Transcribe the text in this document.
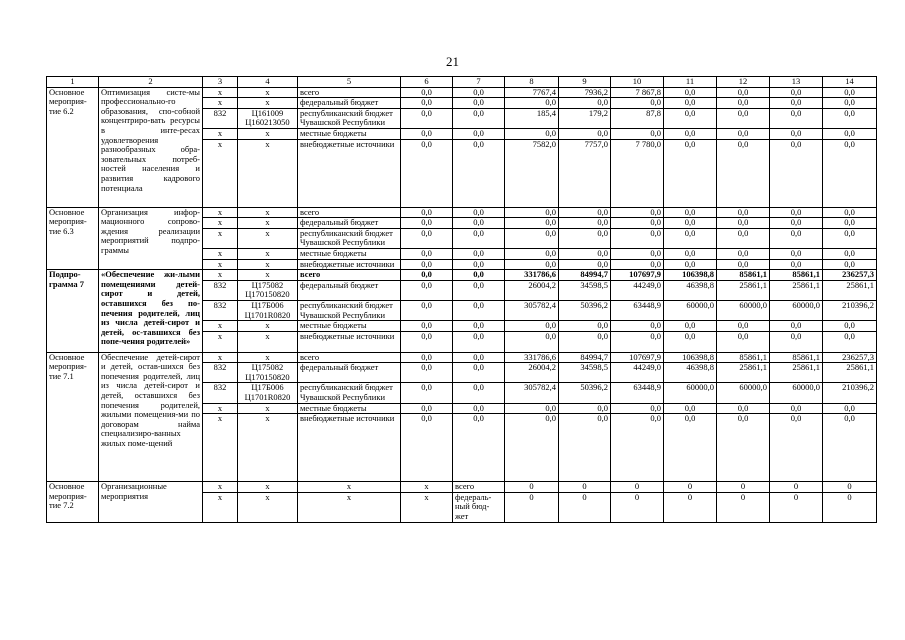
21
1	2	3	4	5	6	7	8	9	10	11	12	13	14
Основное мероприя-тие 6.2	Оптимизация систе-мы профессионально-го образования, спо-собной концентриро-вать ресурсы в инте-ресах удовлетворения разнообразных обра-зовательных потреб-ностей населения и развития кадрового потенциала	x	x	всего	0,0	0,0	7767,4	7936,2	7 867,8	0,0	0,0	0,0	0,0
		x	x	федеральный бюджет	0,0	0,0	0,0	0,0	0,0	0,0	0,0	0,0	0,0
		832	Ц161009 Ц160213050	республиканский бюджет Чувашской Республики	0,0	0,0	185,4	179,2	87,8	0,0	0,0	0,0	0,0
		x	x	местные бюджеты	0,0	0,0	0,0	0,0	0,0	0,0	0,0	0,0	0,0
		x	x	внебюджетные источники	0,0	0,0	7582,0	7757,0	7 780,0	0,0	0,0	0,0	0,0
Основное мероприя-тие 6.3	Организация инфор-мационного сопрово-ждения реализации мероприятий подпро-граммы	x	x	всего	0,0	0,0	0,0	0,0	0,0	0,0	0,0	0,0	0,0
		x	x	федеральный бюджет	0,0	0,0	0,0	0,0	0,0	0,0	0,0	0,0	0,0
		x	x	республиканский бюджет Чувашской Республики	0,0	0,0	0,0	0,0	0,0	0,0	0,0	0,0	0,0
		x	x	местные бюджеты	0,0	0,0	0,0	0,0	0,0	0,0	0,0	0,0	0,0
		x	x	внебюджетные источники	0,0	0,0	0,0	0,0	0,0	0,0	0,0	0,0	0,0
Подпро-грамма 7	«Обеспечение жи-лыми помещениями детей-сирот и детей, оставшихся без по-печения родителей, лиц из числа детей-сирот и детей, ос-тавшихся без попе-чения родителей»	x	x	всего	0,0	0,0	331786,6	84994,7	107697,9	106398,8	85861,1	85861,1	236257,3
		832	Ц175082 Ц170150820	федеральный бюджет	0,0	0,0	26004,2	34598,5	44249,0	46398,8	25861,1	25861,1	25861,1
		832	Ц17Б006 Ц1701R0820	республиканский бюджет Чувашской Республики	0,0	0,0	305782,4	50396,2	63448,9	60000,0	60000,0	60000,0	210396,2
		x	x	местные бюджеты	0,0	0,0	0,0	0,0	0,0	0,0	0,0	0,0	0,0
		x	x	внебюджетные источники	0,0	0,0	0,0	0,0	0,0	0,0	0,0	0,0	0,0
Основное мероприя-тие 7.1	Обеспечение детей-сирот и детей, остав-шихся без попечения родителей, лиц из числа детей-сирот и детей, оставшихся без попечения родителей, жилыми помещения-ми по договорам найма специализиро-ванных жилых поме-щений	x	x	всего	0,0	0,0	331786,6	84994,7	107697,9	106398,8	85861,1	85861,1	236257,3
		832	Ц175082 Ц170150820	федеральный бюджет	0,0	0,0	26004,2	34598,5	44249,0	46398,8	25861,1	25861,1	25861,1
		832	Ц17Б006 Ц1701R0820	республиканский бюджет Чувашской Республики	0,0	0,0	305782,4	50396,2	63448,9	60000,0	60000,0	60000,0	210396,2
		x	x	местные бюджеты	0,0	0,0	0,0	0,0	0,0	0,0	0,0	0,0	0,0
		x	x	внебюджетные источники	0,0	0,0	0,0	0,0	0,0	0,0	0,0	0,0	0,0
Основное мероприя-тие 7.2	Организационные мероприятия	x	x	x	x	всего	0	0	0	0	0	0	0
		x	x	x	x	федераль-ный бюд-жет	0	0	0	0	0	0	0
